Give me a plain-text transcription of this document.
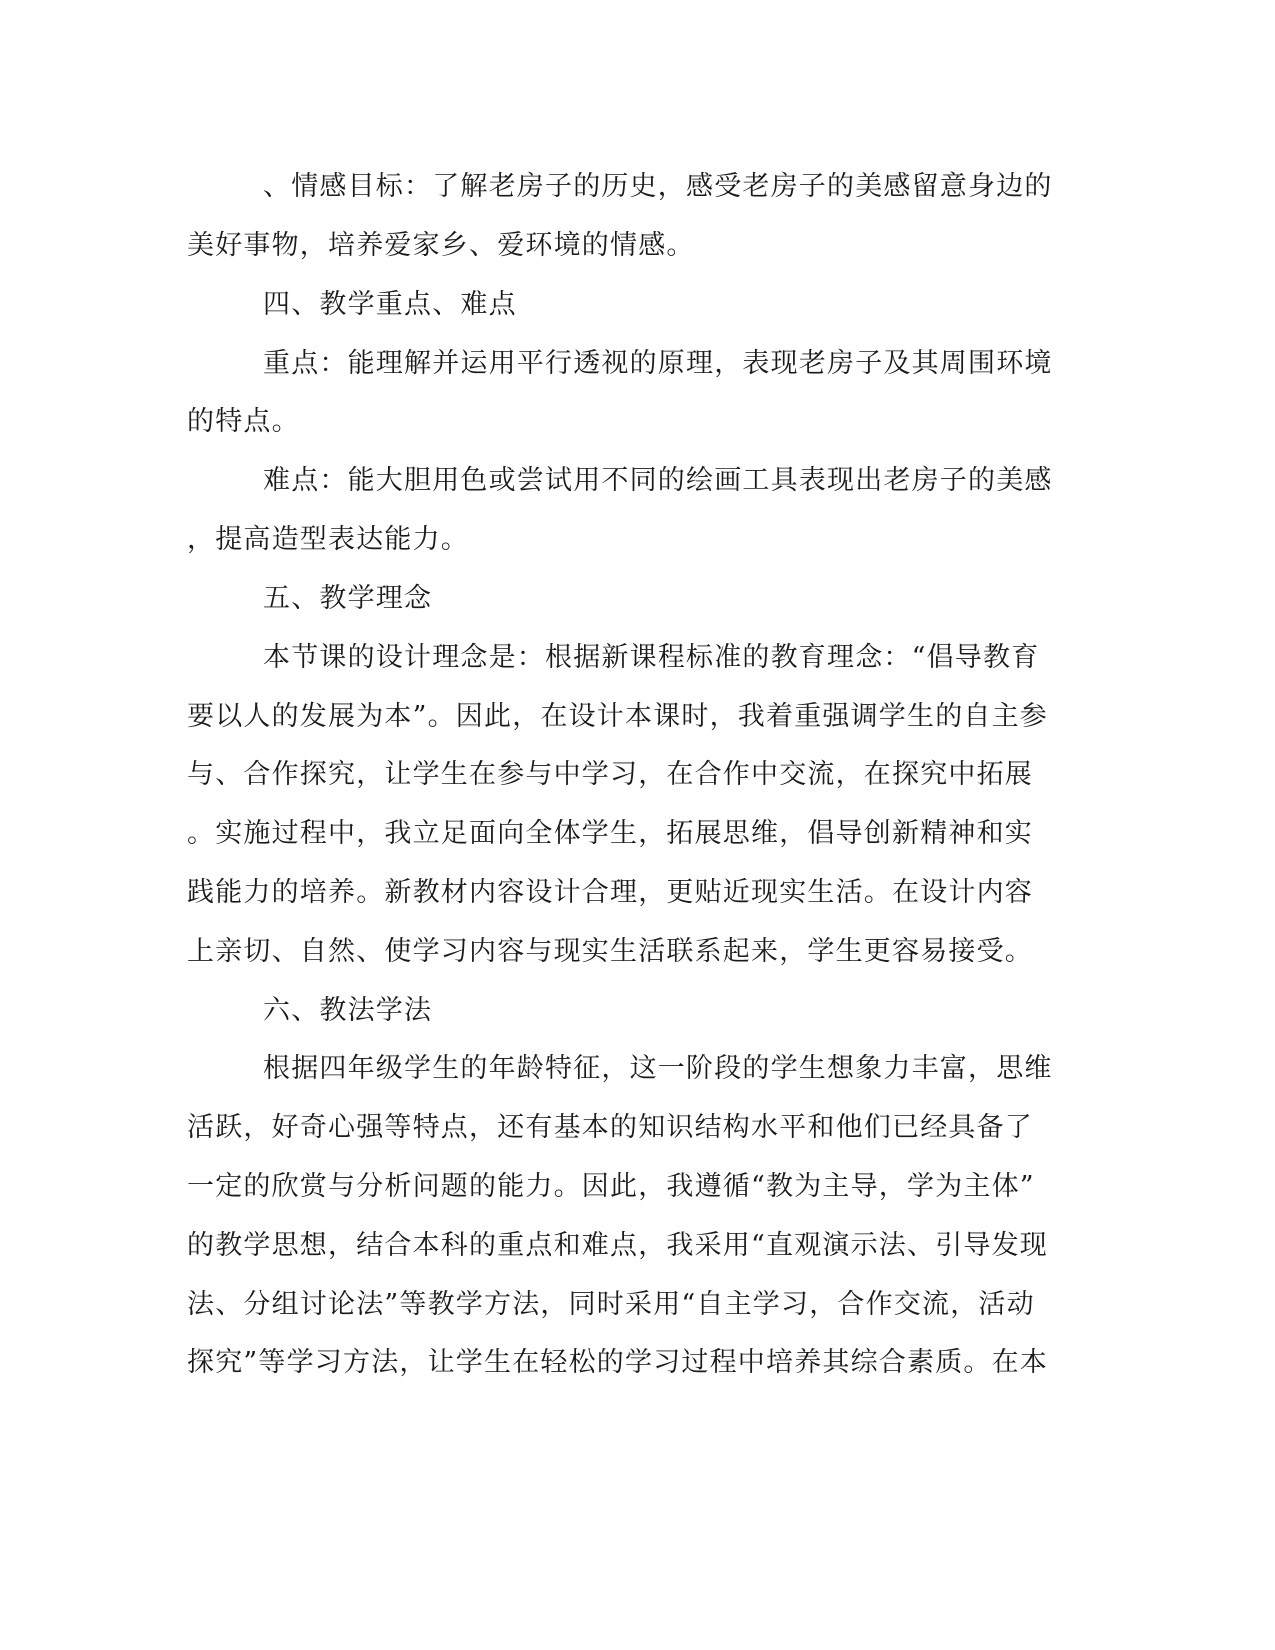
、情感目标：了解老房子的历史，感受老房子的美感留意身边的
美好事物，培养爱家乡、爱环境的情感。
四、教学重点、难点
重点：能理解并运用平行透视的原理，表现老房子及其周围环境
的特点。
难点：能大胆用色或尝试用不同的绘画工具表现出老房子的美感
，提高造型表达能力。
五、教学理念
本节课的设计理念是：根据新课程标准的教育理念：“倡导教育
要以人的发展为本”。因此，在设计本课时，我着重强调学生的自主参
与、合作探究，让学生在参与中学习，在合作中交流，在探究中拓展
。实施过程中，我立足面向全体学生，拓展思维，倡导创新精神和实
践能力的培养。新教材内容设计合理，更贴近现实生活。在设计内容
上亲切、自然、使学习内容与现实生活联系起来，学生更容易接受。
六、教法学法
根据四年级学生的年龄特征，这一阶段的学生想象力丰富，思维
活跃，好奇心强等特点，还有基本的知识结构水平和他们已经具备了
一定的欣赏与分析问题的能力。因此，我遵循“教为主导，学为主体”
的教学思想，结合本科的重点和难点，我采用“直观演示法、引导发现
法、分组讨论法”等教学方法，同时采用“自主学习，合作交流，活动
探究”等学习方法，让学生在轻松的学习过程中培养其综合素质。在本
